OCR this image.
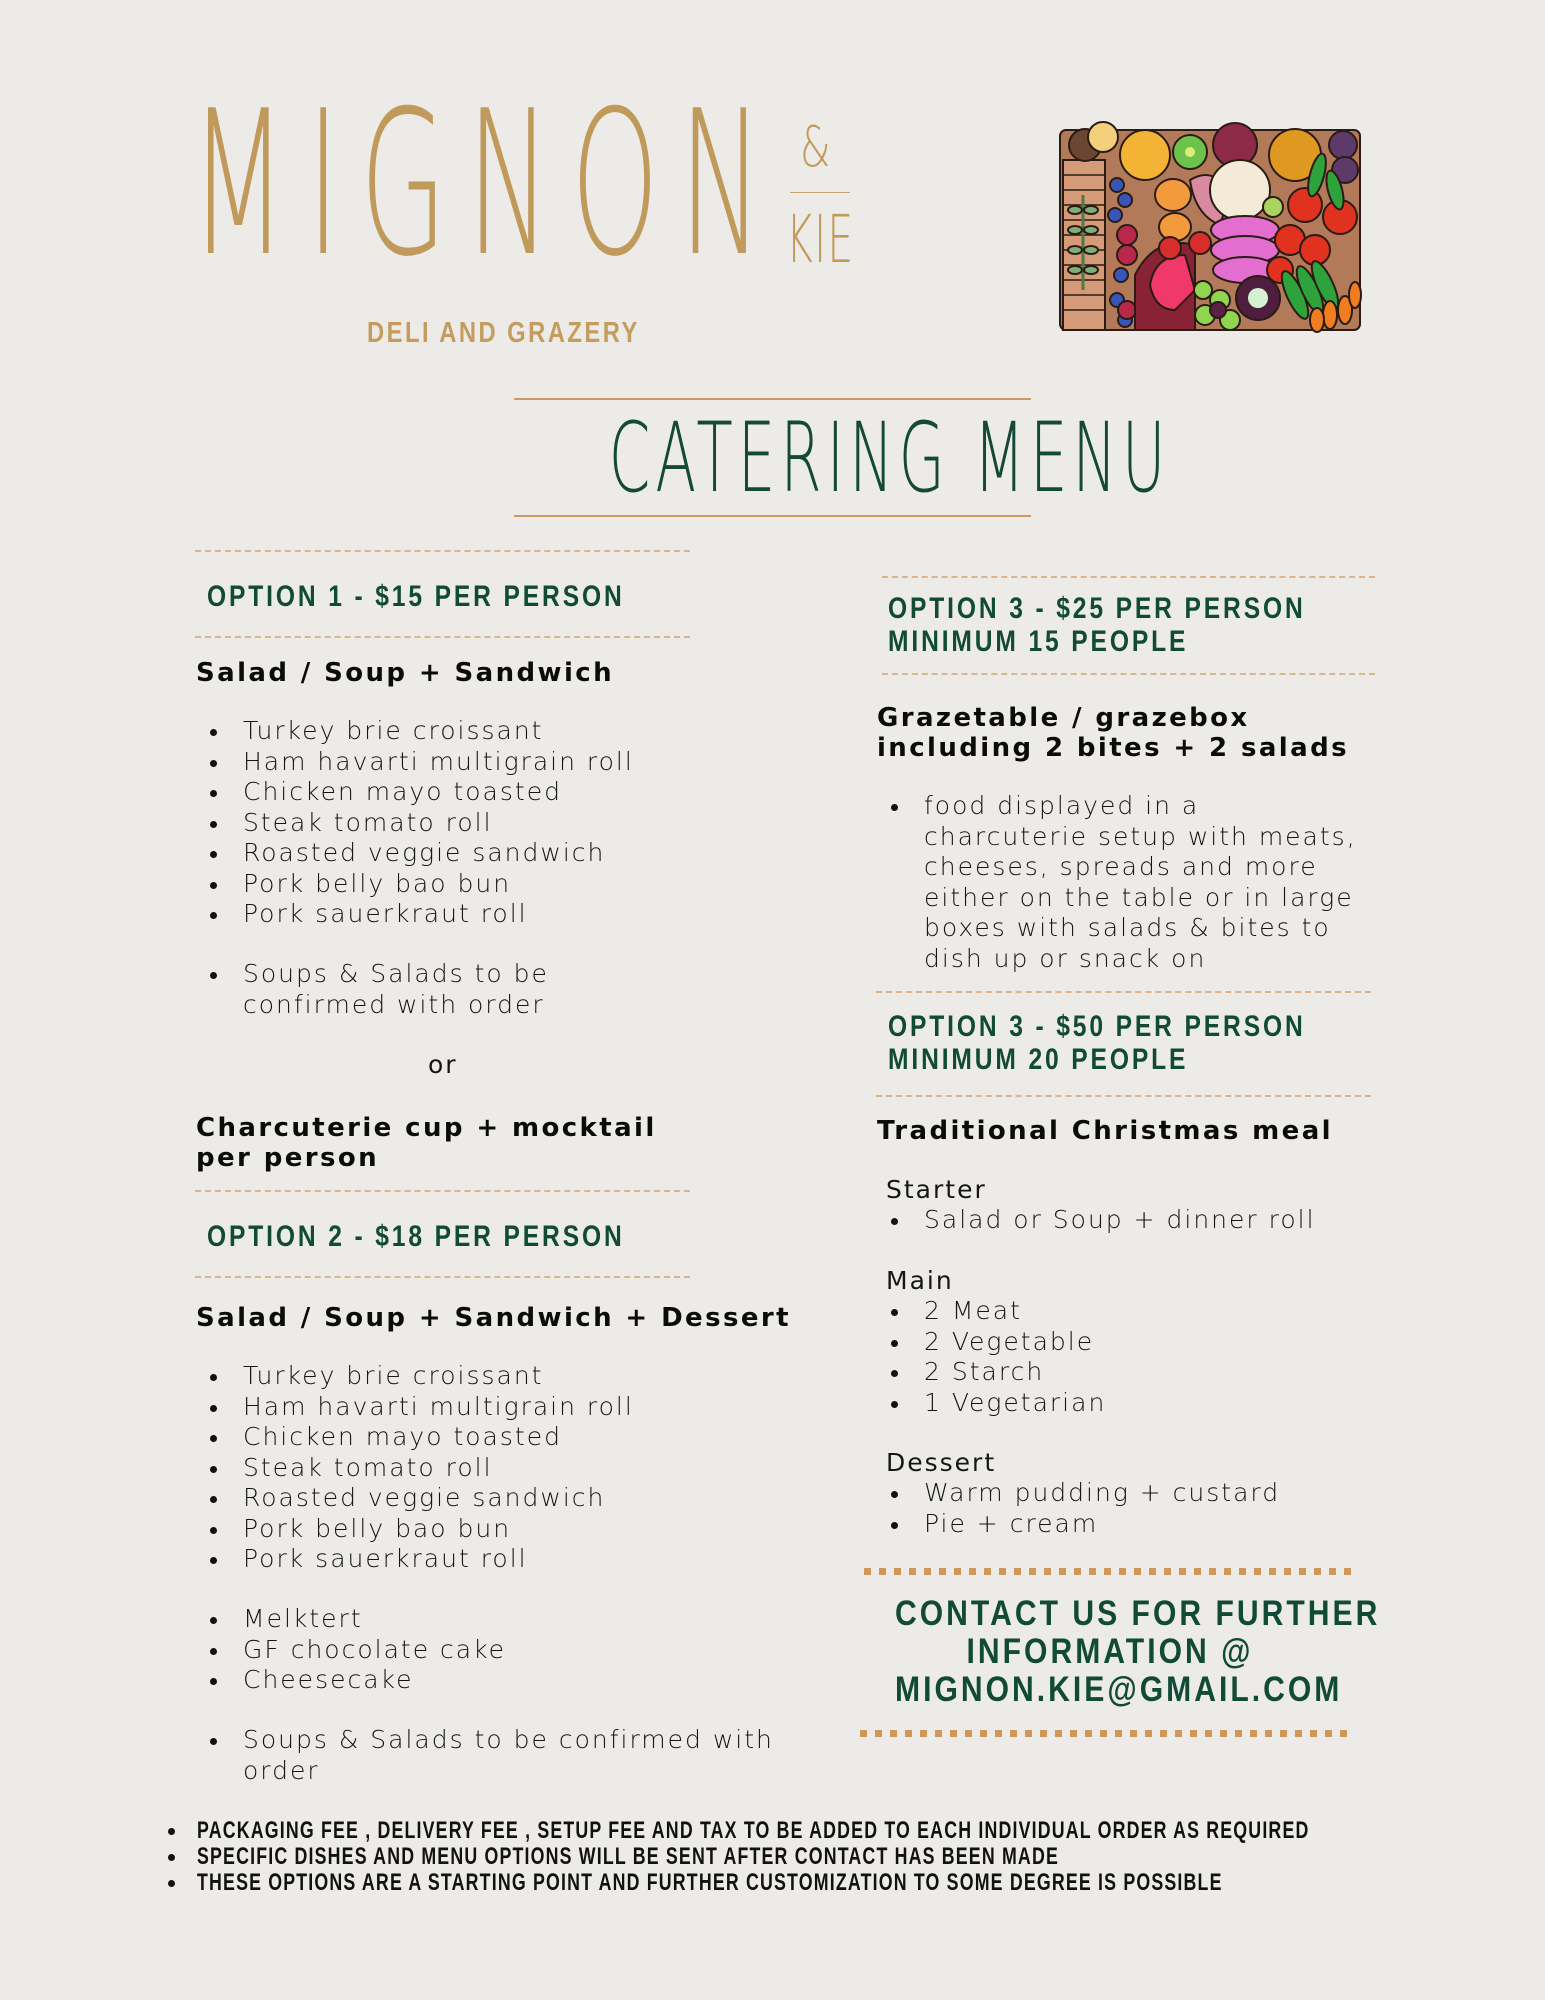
MIGNON &
KIE
DELI AND GRAZERY
CATERING MENU
OPTION 1 - $15 PER PERSON
Salad / Soup + Sandwich
Turkey brie croissant
Ham havarti multigrain roll
Chicken mayo toasted
Steak tomato roll
Roasted veggie sandwich
Pork belly bao bun
Pork sauerkraut roll
Soups & Salads to be
confirmed with order
or
Charcuterie cup + mocktail
per person
OPTION 2 - $18 PER PERSON
Salad / Soup + Sandwich + Dessert
Turkey brie croissant
Ham havarti multigrain roll
Chicken mayo toasted
Steak tomato roll
Roasted veggie sandwich
Pork belly bao bun
Pork sauerkraut roll
Melktert
GF chocolate cake
Cheesecake
Soups & Salads to be confirmed with
order
OPTION 3 - $25 PER PERSON
MINIMUM 15 PEOPLE
Grazetable / grazebox
including 2 bites + 2 salads
food displayed in a
charcuterie setup with meats,
cheeses, spreads and more
either on the table or in large
boxes with salads & bites to
dish up or snack on
OPTION 3 - $50 PER PERSON
MINIMUM 20 PEOPLE
Traditional Christmas meal
Starter
Salad or Soup + dinner roll
Main
2 Meat
2 Vegetable
2 Starch
1 Vegetarian
Dessert
Warm pudding + custard
Pie + cream
CONTACT US FOR FURTHER
INFORMATION @
MIGNON.KIE@GMAIL.COM
PACKAGING FEE , DELIVERY FEE , SETUP FEE AND TAX TO BE ADDED TO EACH INDIVIDUAL ORDER AS REQUIRED
SPECIFIC DISHES AND MENU OPTIONS WILL BE SENT AFTER CONTACT HAS BEEN MADE
THESE OPTIONS ARE A STARTING POINT AND FURTHER CUSTOMIZATION TO SOME DEGREE IS POSSIBLE
